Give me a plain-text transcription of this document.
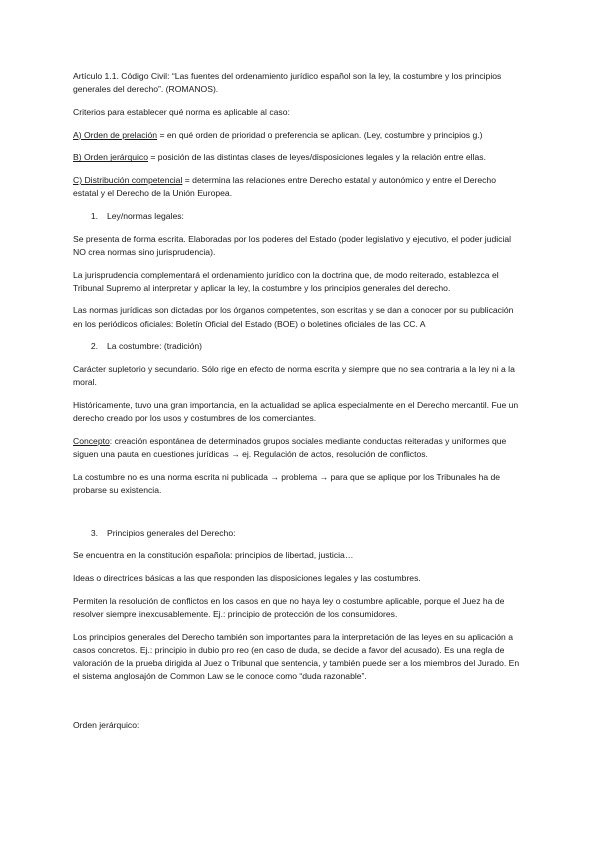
Artículo 1.1. Código Civil: “Las fuentes del ordenamiento jurídico español son la ley, la costumbre y los principios generales del derecho”. (ROMANOS).

Criterios para establecer qué norma es aplicable al caso:

A) Orden de prelación = en qué orden de prioridad o preferencia se aplican. (Ley, costumbre y principios g.)

B) Orden jerárquico = posición de las distintas clases de leyes/disposiciones legales y la relación entre ellas.

C) Distribución competencial = determina las relaciones entre Derecho estatal y autonómico y entre el Derecho estatal y el Derecho de la Unión Europea.

1.	Ley/normas legales:

Se presenta de forma escrita. Elaboradas por los poderes del Estado (poder legislativo y ejecutivo, el poder judicial NO crea normas sino jurisprudencia).

La jurisprudencia complementará el ordenamiento jurídico con la doctrina que, de modo reiterado, establezca el Tribunal Supremo al interpretar y aplicar la ley, la costumbre y los principios generales del derecho.

Las normas jurídicas son dictadas por los órganos competentes, son escritas y se dan a conocer por su publicación en los periódicos oficiales: Boletín Oficial del Estado (BOE) o boletines oficiales de las CC. A

2.	La costumbre: (tradición)

Carácter supletorio y secundario. Sólo rige en efecto de norma escrita y siempre que no sea contraria a la ley ni a la moral.

Históricamente, tuvo una gran importancia, en la actualidad se aplica especialmente en el Derecho mercantil. Fue un derecho creado por los usos y costumbres de los comerciantes.

Concepto: creación espontánea de determinados grupos sociales mediante conductas reiteradas y uniformes que siguen una pauta en cuestiones jurídicas → ej. Regulación de actos, resolución de conflictos.

La costumbre no es una norma escrita ni publicada → problema → para que se aplique por los Tribunales ha de probarse su existencia.

3.	Principios generales del Derecho:

Se encuentra en la constitución española: principios de libertad, justicia…

Ideas o directrices básicas a las que responden las disposiciones legales y las costumbres.

Permiten la resolución de conflictos en los casos en que no haya ley o costumbre aplicable, porque el Juez ha de resolver siempre inexcusablemente. Ej.: principio de protección de los consumidores.

Los principios generales del Derecho también son importantes para la interpretación de las leyes en su aplicación a casos concretos. Ej.: principio in dubio pro reo (en caso de duda, se decide a favor del acusado). Es una regla de valoración de la prueba dirigida al Juez o Tribunal que sentencia, y también puede ser a los miembros del Jurado. En el sistema anglosajón de Common Law se le conoce como “duda razonable”.

Orden jerárquico:
